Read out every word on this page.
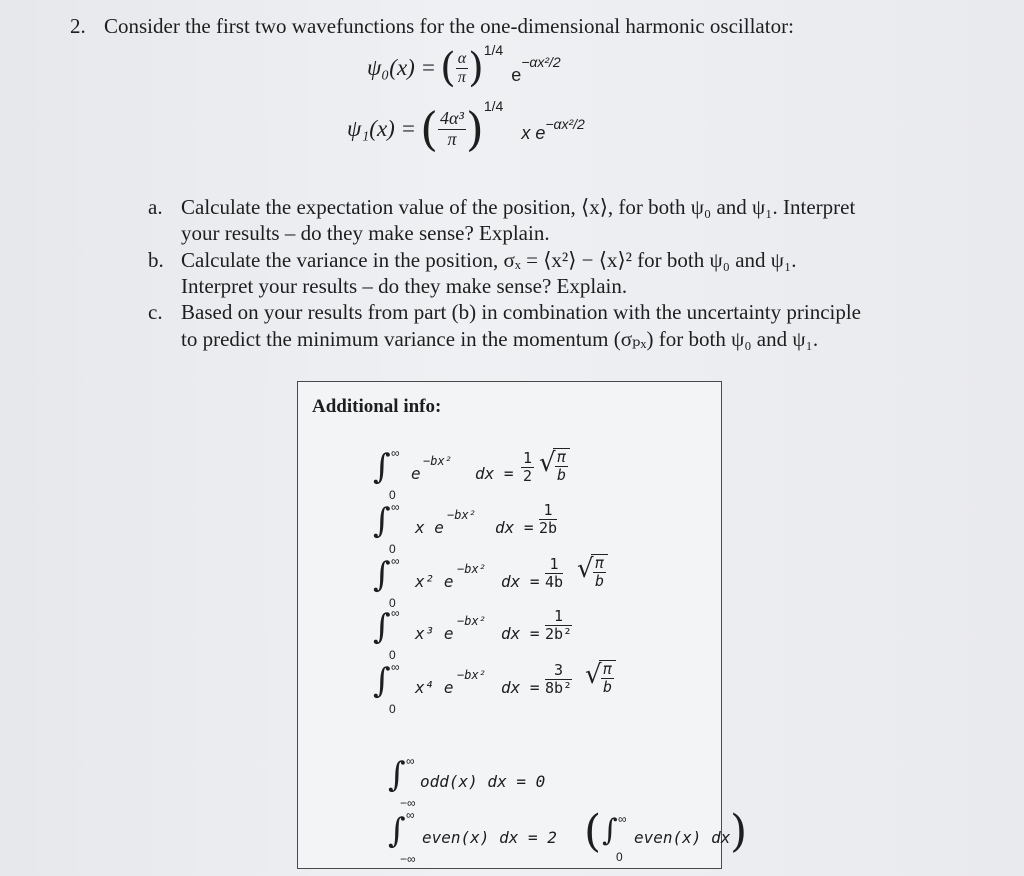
2. Consider the first two wavefunctions for the one-dimensional harmonic oscillator:
ψ₀(x) = ( $\frac{\alpha}{\pi}$ ) 1/4
e
−αx²/2
ψ₁(x) = ( $\frac{\text{4α³}}{\pi}$ ) 1/4
x e −αx²/2
a. Calculate the expectation value of the position, ⟨x⟩, for both ψ₀ and ψ₁. Interpret
your results – do they make sense? Explain.
b. Calculate the variance in the position, σₓ = ⟨x²⟩ − ⟨x⟩² for both ψ₀ and ψ₁.
Interpret your results – do they make sense? Explain.
c. Based on your results from part (b) in combination with the uncertainty principle
to predict the minimum variance in the momentum (σₚₓ) for both ψ₀ and ψ₁.
Additional info:
∫ ∞
0
e
−bx²
dx = $\frac{1}{2}$ √
$\frac{\pi}{b}$
∫ ∞
0
x e
−bx²
dx = $\frac{1}{2b}$
∫ ∞
0
x² e
−bx²
dx = $\frac{1}{4b}$ √
$\frac{\pi}{b}$
∫ ∞
0
x³ e
−bx²
dx = $\frac{1}{\text{2b²}}$
∫ ∞
0
x⁴ e
−bx²
dx = $\frac{3}{\text{8b²}}$ √
$\frac{\pi}{b}$
∫ ∞
−∞
odd(x) dx = 0
∫ ∞
−∞
even(x) dx = 2 ( ∫ ∞
0
even(x) dx )
